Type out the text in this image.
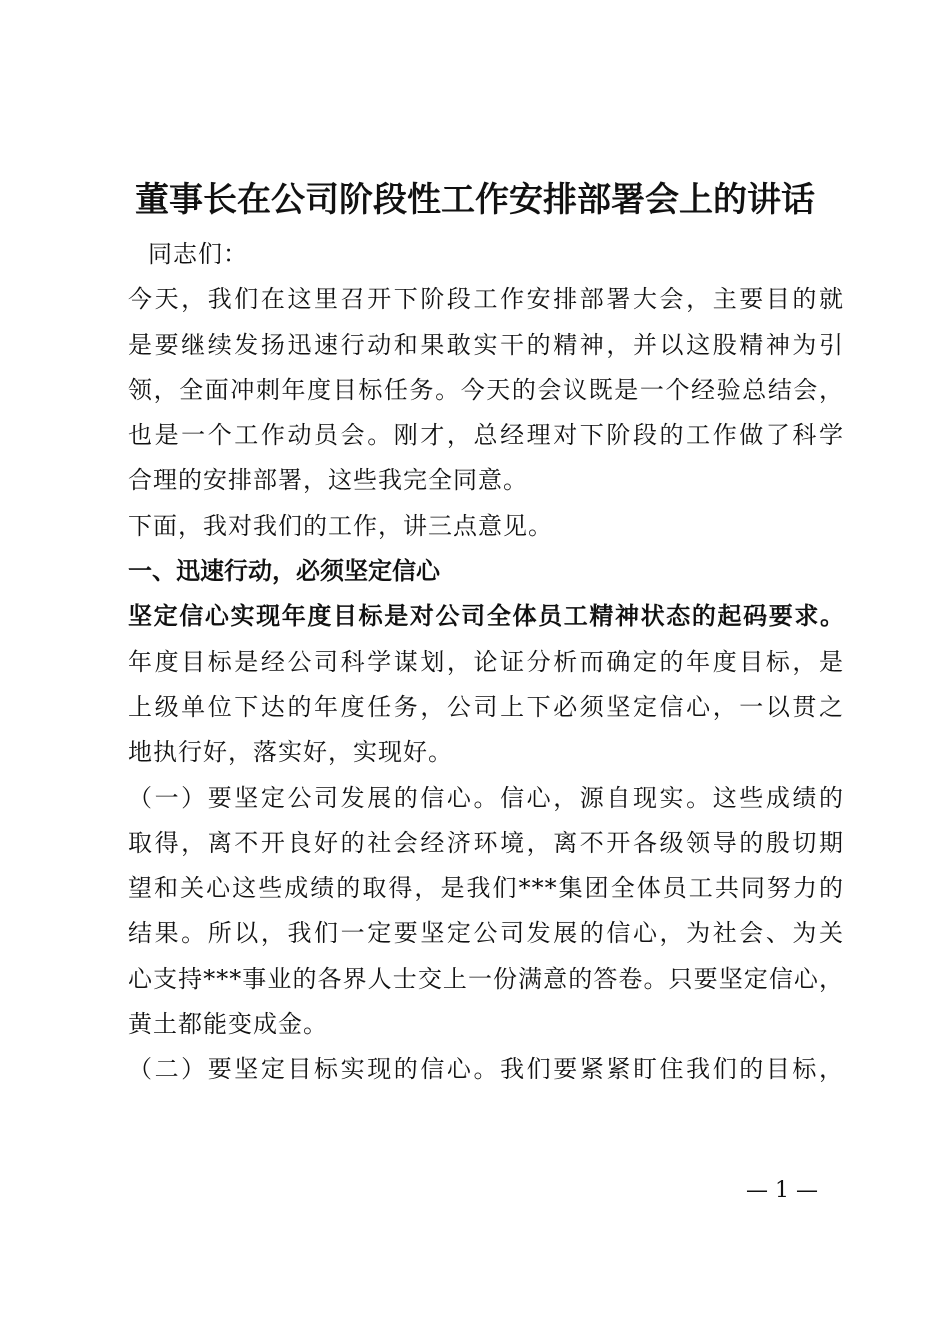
董事长在公司阶段性工作安排部署会上的讲话
同志们：
今天，我们在这里召开下阶段工作安排部署大会，主要目的就
是要继续发扬迅速行动和果敢实干的精神，并以这股精神为引
领，全面冲刺年度目标任务。今天的会议既是一个经验总结会，
也是一个工作动员会。刚才，总经理对下阶段的工作做了科学
合理的安排部署，这些我完全同意。
下面，我对我们的工作，讲三点意见。
一、迅速行动，必须坚定信心
坚定信心实现年度目标是对公司全体员工精神状态的起码要求。
年度目标是经公司科学谋划，论证分析而确定的年度目标，是
上级单位下达的年度任务，公司上下必须坚定信心，一以贯之
地执行好，落实好，实现好。
（一）要坚定公司发展的信心。信心，源自现实。这些成绩的
取得，离不开良好的社会经济环境，离不开各级领导的殷切期
望和关心这些成绩的取得，是我们***集团全体员工共同努力的
结果。所以，我们一定要坚定公司发展的信心，为社会、为关
心支持***事业的各界人士交上一份满意的答卷。只要坚定信心，
黄土都能变成金。
（二）要坚定目标实现的信心。我们要紧紧盯住我们的目标，
— 1 —
